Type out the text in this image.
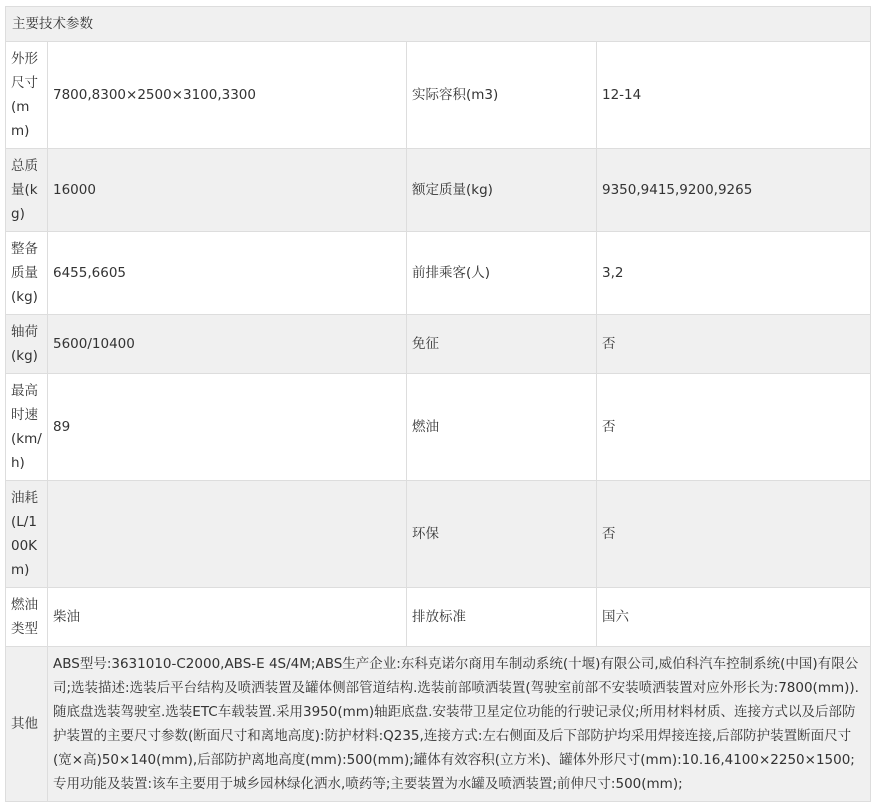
主要技术参数			
外形尺寸(mm)	7800,8300×2500×3100,3300	实际容积(m3)	12-14
总质量(kg)	16000	额定质量(kg)	9350,9415,9200,9265
整备质量(kg)	6455,6605	前排乘客(人)	3,2
轴荷(kg)	5600/10400	免征	否
最高时速(km/h)	89	燃油	否
油耗(L/100Km)		环保	否
燃油类型	柴油	排放标准	国六
其他	ABS型号:3631010-C2000,ABS-E 4S/4M;ABS生产企业:东科克诺尔商用车制动系统(十堰)有限公司,威伯科汽车控制系统(中国)有限公司;选装描述:选装后平台结构及喷洒装置及罐体侧部管道结构.选装前部喷洒装置(驾驶室前部不安装喷洒装置对应外形长为:7800(mm)).随底盘选装驾驶室.选装ETC车载装置.采用3950(mm)轴距底盘.安装带卫星定位功能的行驶记录仪;所用材料材质、连接方式以及后部防护装置的主要尺寸参数(断面尺寸和离地高度):防护材料:Q235,连接方式:左右侧面及后下部防护均采用焊接连接,后部防护装置断面尺寸(宽×高)50×140(mm),后部防护离地高度(mm):500(mm);罐体有效容积(立方米)、罐体外形尺寸(mm):10.16,4100×2250×1500;专用功能及装置:该车主要用于城乡园林绿化洒水,喷药等;主要装置为水罐及喷洒装置;前伸尺寸:500(mm);		
